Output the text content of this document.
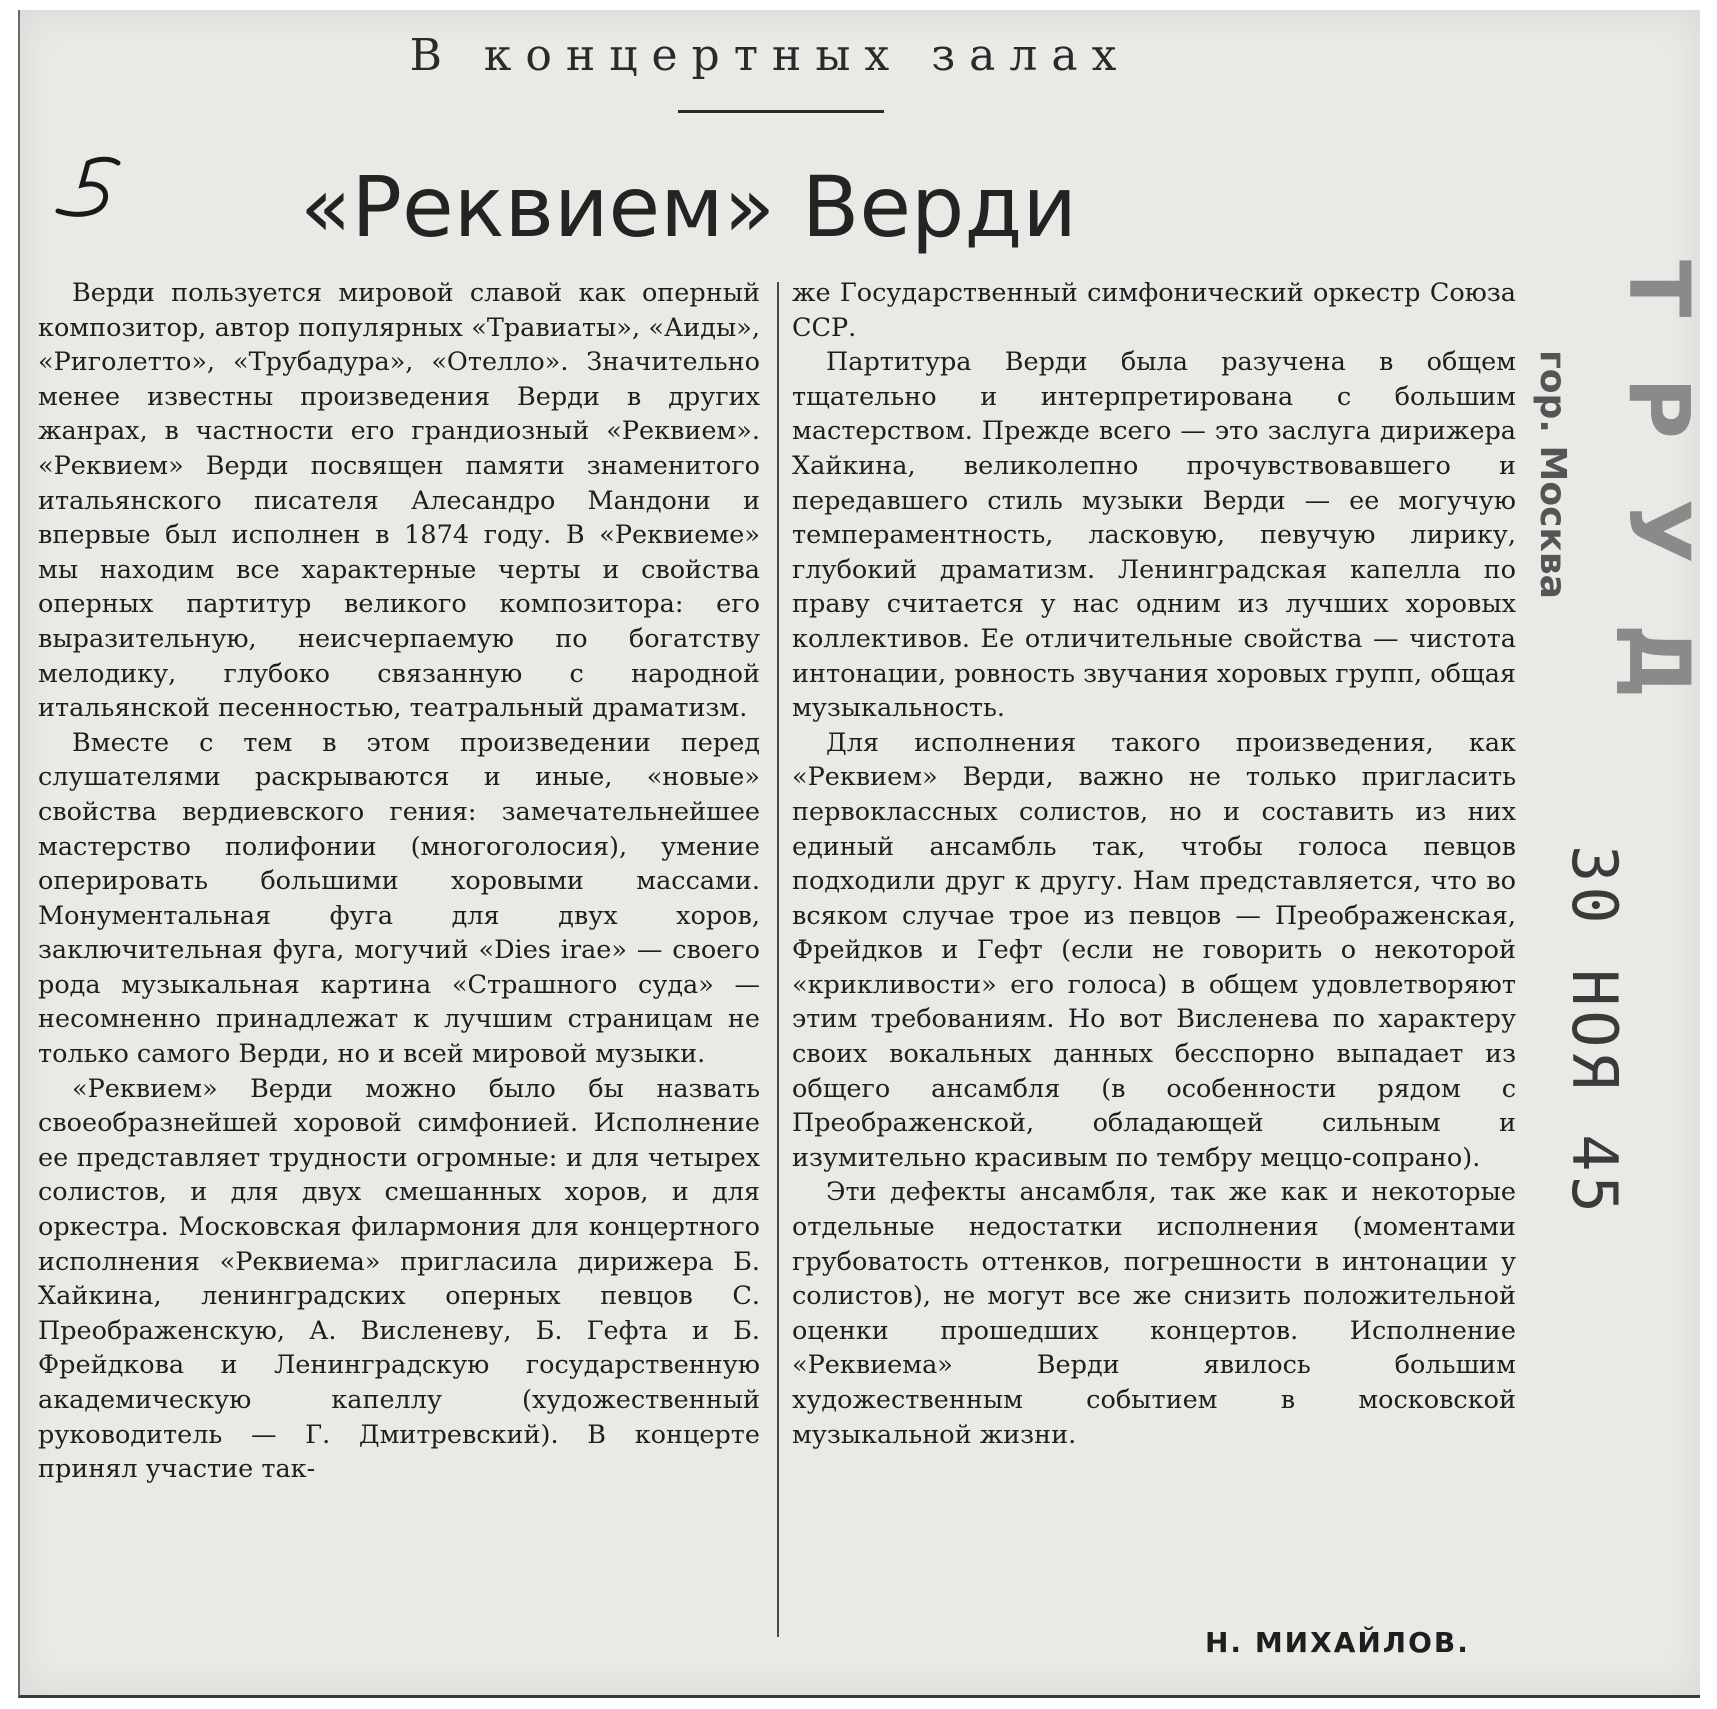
В концертных залах
«Реквием» Верди

Верди пользуется мировой славой как оперный композитор, автор популярных «Травиаты», «Аиды», «Риголетто», «Трубадура», «Отелло». Значительно менее известны произведения Верди в других жанрах, в частности его грандиозный «Реквием». «Реквием» Верди посвящен памяти знаменитого итальянского писателя Алесандро Мандони и впервые был исполнен в 1874 году. В «Реквиеме» мы находим все характерные черты и свойства оперных партитур великого композитора: его выразительную, неисчерпаемую по богатству мелодику, глубоко связанную с народной итальянской песенностью, театральный драматизм.

Вместе с тем в этом произведении перед слушателями раскрываются и иные, «новые» свойства вердиевского гения: замечательнейшее мастерство полифонии (многоголосия), умение оперировать большими хоровыми массами. Монументальная фуга для двух хоров, заключительная фуга, могучий «Dies irae» — своего рода музыкальная картина «Страшного суда» — несомненно принадлежат к лучшим страницам не только самого Верди, но и всей мировой музыки.

«Реквием» Верди можно было бы назвать своеобразнейшей хоровой симфонией. Исполнение ее представляет трудности огромные: и для четырех солистов, и для двух смешанных хоров, и для оркестра. Московская филармония для концертного исполнения «Реквиема» пригласила дирижера Б. Хайкина, ленинградских оперных певцов С. Преображенскую, А. Висленеву, Б. Гефта и Б. Фрейдкова и Ленинградскую государственную академическую капеллу (художественный руководитель — Г. Дмитревский). В концерте принял участие так-

же Государственный симфонический оркестр Союза ССР.

Партитура Верди была разучена в общем тщательно и интерпретирована с большим мастерством. Прежде всего — это заслуга дирижера Хайкина, великолепно прочувствовавшего и передавшего стиль музыки Верди — ее могучую темпераментность, ласковую, певучую лирику, глубокий драматизм. Ленинградская капелла по праву считается у нас одним из лучших хоровых коллективов. Ее отличительные свойства — чистота интонации, ровность звучания хоровых групп, общая музыкальность.

Для исполнения такого произведения, как «Реквием» Верди, важно не только пригласить первоклассных солистов, но и составить из них единый ансамбль так, чтобы голоса певцов подходили друг к другу. Нам представляется, что во всяком случае трое из певцов — Преображенская, Фрейдков и Гефт (если не говорить о некоторой «крикливости» его голоса) в общем удовлетворяют этим требованиям. Но вот Висленева по характеру своих вокальных данных бесспорно выпадает из общего ансамбля (в особенности рядом с Преображенской, обладающей сильным и изумительно красивым по тембру меццо-сопрано).

Эти дефекты ансамбля, так же как и некоторые отдельные недостатки исполнения (моментами грубоватость оттенков, погрешности в интонации у солистов), не могут все же снизить положительной оценки прошедших концертов. Исполнение «Реквиема» Верди явилось большим художественным событием в московской музыкальной жизни.

Н. МИХАЙЛОВ.
ТРУД
гор. Москва
30 НОЯ 45
